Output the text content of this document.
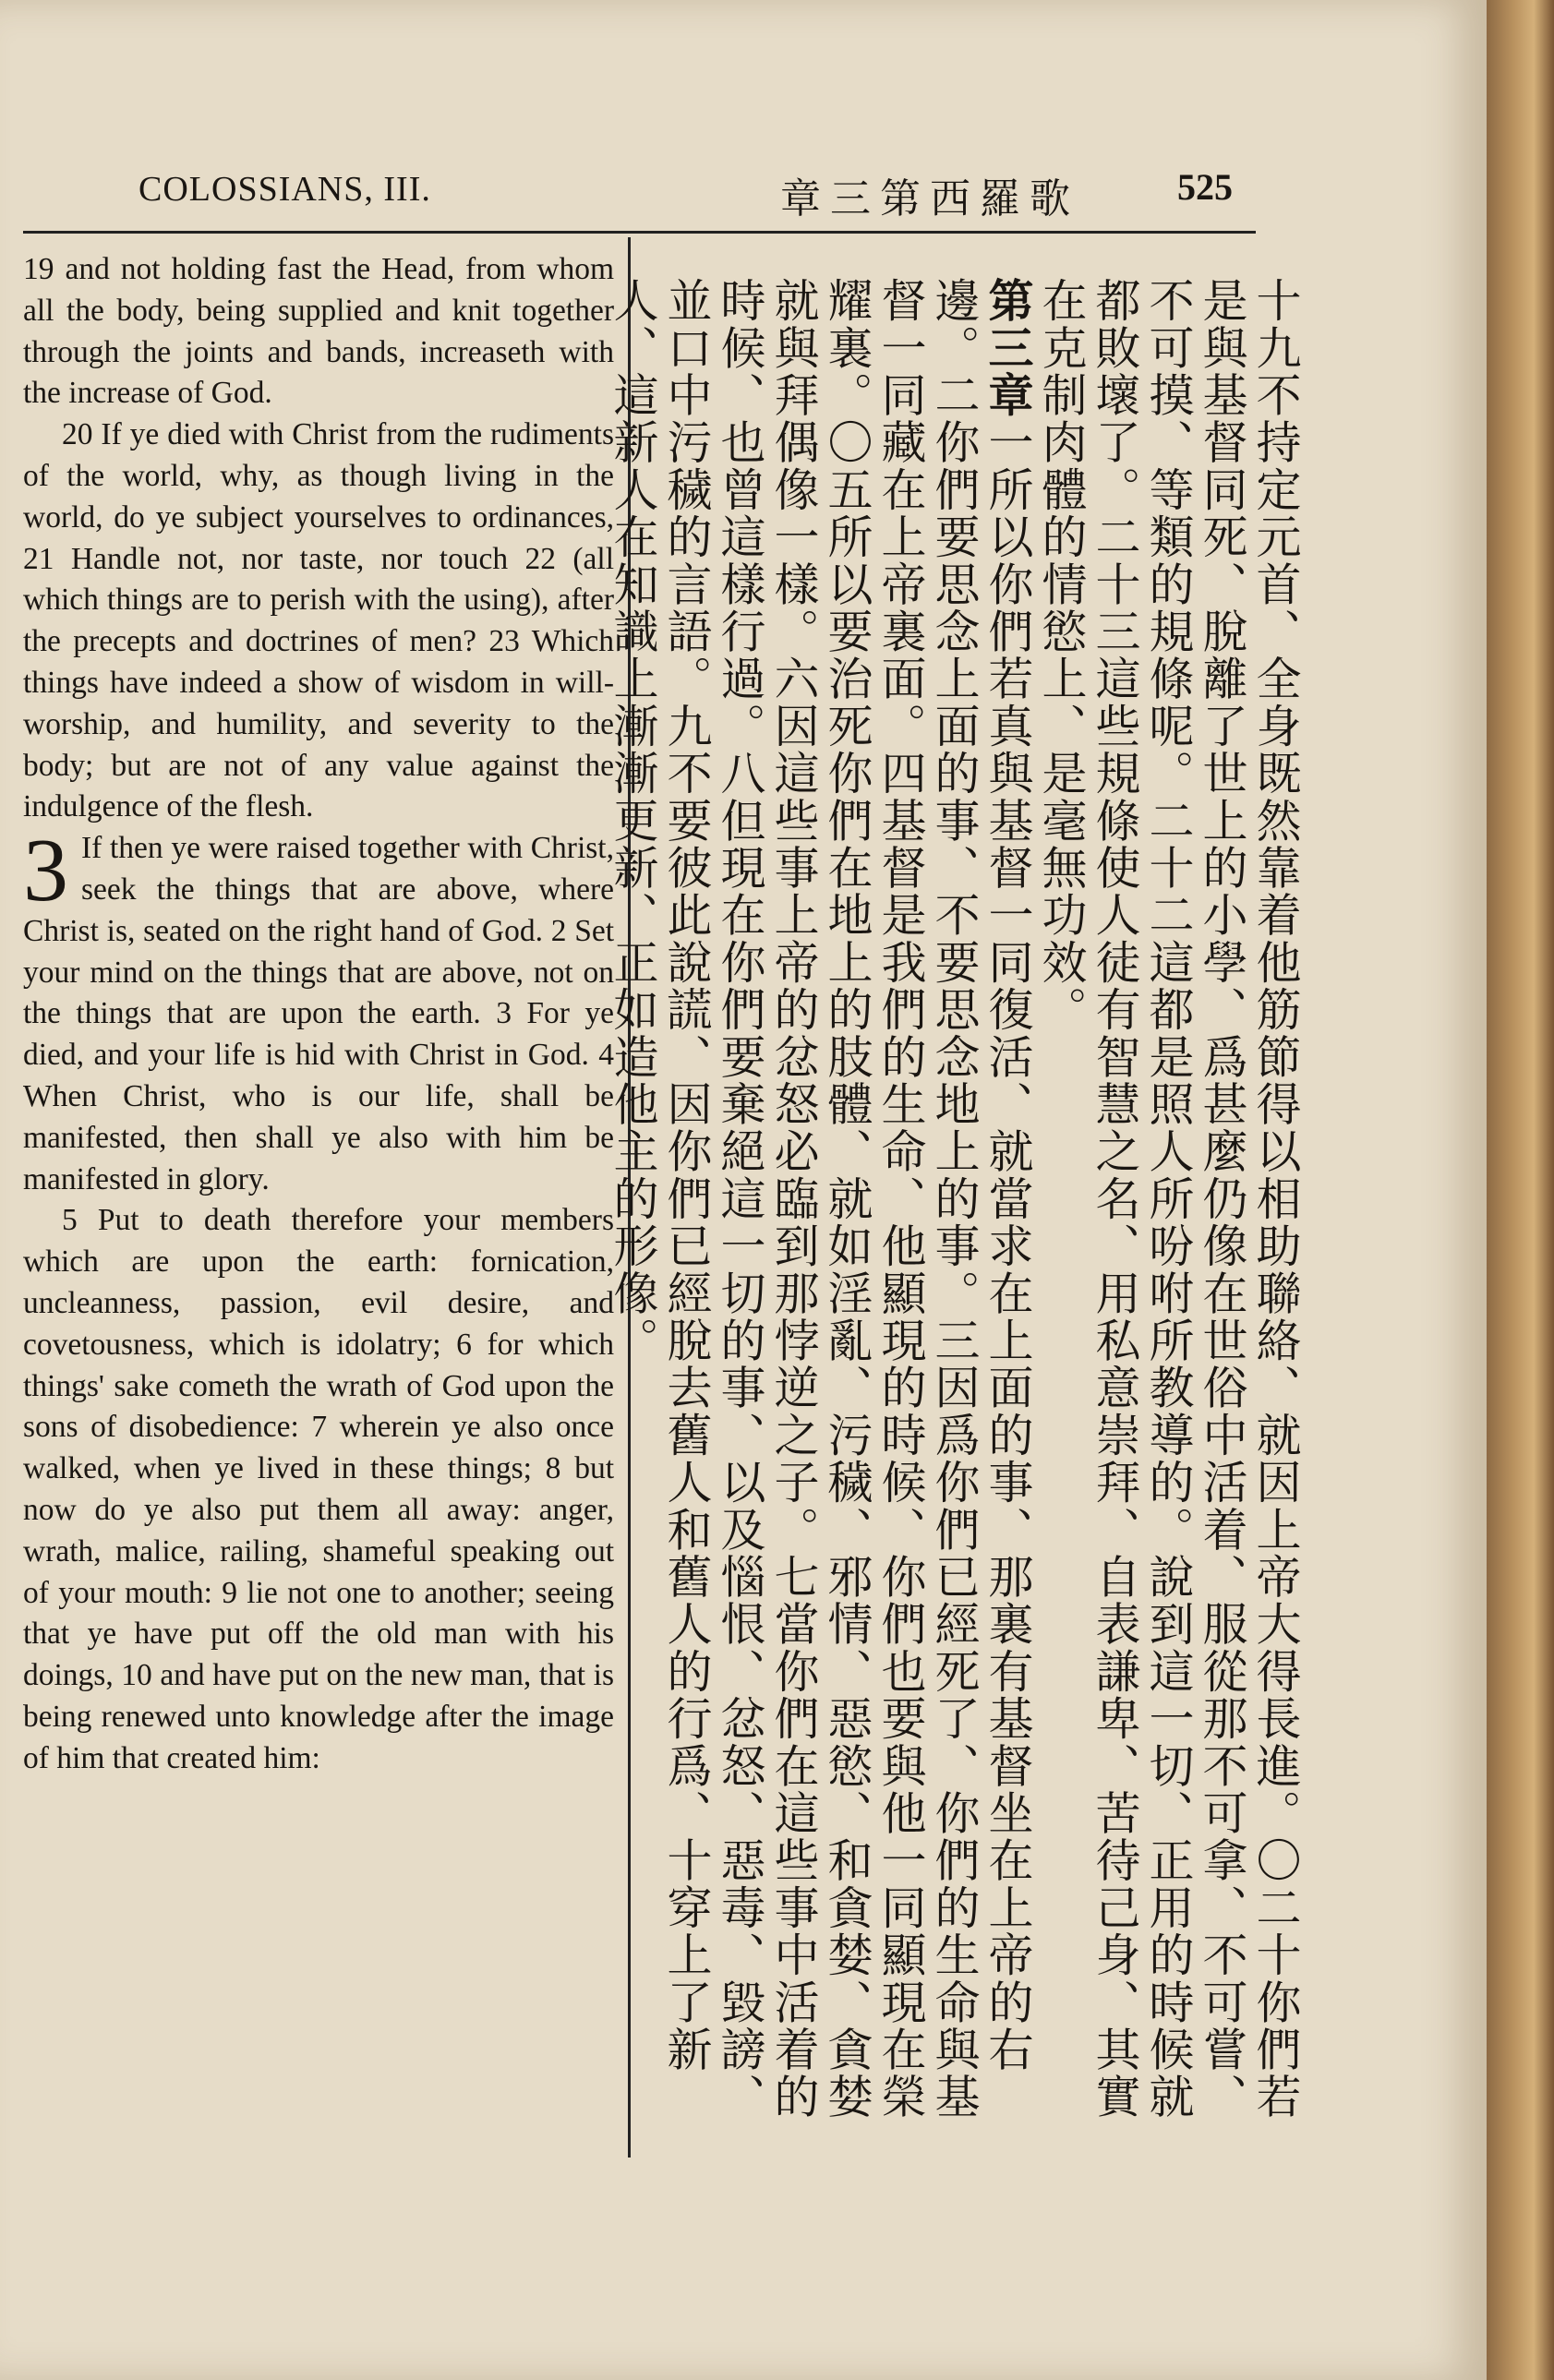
COLOSSIANS, III.	章三第西羅歌	525

19 and not holding fast the Head, from whom all the body, being supplied and knit together through the joints and bands, increaseth with the increase of God.

20 If ye died with Christ from the rudiments of the world, why, as though living in the world, do ye subject yourselves to ordinances, 21 Handle not, nor taste, nor touch 22 (all which things are to perish with the using), after the precepts and doctrines of men? 23 Which things have indeed a show of wisdom in will-worship, and humility, and severity to the body; but are not of any value against the indulgence of the flesh.

3 If then ye were raised together with Christ, seek the things that are above, where Christ is, seated on the right hand of God. 2 Set your mind on the things that are above, not on the things that are upon the earth. 3 For ye died, and your life is hid with Christ in God. 4 When Christ, who is our life, shall be manifested, then shall ye also with him be manifested in glory.

5 Put to death therefore your members which are upon the earth: fornication, uncleanness, passion, evil desire, and covetousness, which is idolatry; 6 for which things' sake cometh the wrath of God upon the sons of disobedience: 7 wherein ye also once walked, when ye lived in these things; 8 but now do ye also put them all away: anger, wrath, malice, railing, shameful speaking out of your mouth: 9 lie not one to another; seeing that ye have put off the old man with his doings, 10 and have put on the new man, that is being renewed unto knowledge after the image of him that created him:	十九不持定元首、全身既然靠着他筋節得以相助聯絡、就因上帝大得長進。〇二十你們若是與基督同死、脫離了世上的小學、爲甚麼仍像在世俗中活着、服從那不可拿、不可嘗、不可摸、等類的規條呢。二十二這都是照人所吩咐所教導的。說到這一切、正用的時候就都敗壞了。二十三這些規條使人徒有智慧之名、用私意崇拜、自表謙卑、苦待己身、其實在克制肉體的情慾上、是毫無功效。

第三章一所以你們若真與基督一同復活、就當求在上面的事、那裏有基督坐在上帝的右邊。二你們要思念上面的事、不要思念地上的事。三因爲你們已經死了、你們的生命與基督一同藏在上帝裏面。四基督是我們的生命、他顯現的時候、你們也要與他一同顯現在榮耀裏。〇五所以要治死你們在地上的肢體、就如淫亂、污穢、邪情、惡慾、和貪婪、貪婪就與拜偶像一樣。六因這些事上帝的忿怒必臨到那悖逆之子。七當你們在這些事中活着的時候、也曾這樣行過。八但現在你們要棄絕這一切的事、以及惱恨、忿怒、惡毒、毀謗、並口中污穢的言語。九不要彼此說謊、因你們已經脫去舊人和舊人的行爲、十穿上了新人、這新人在知識上漸漸更新、正如造他主的形像。
